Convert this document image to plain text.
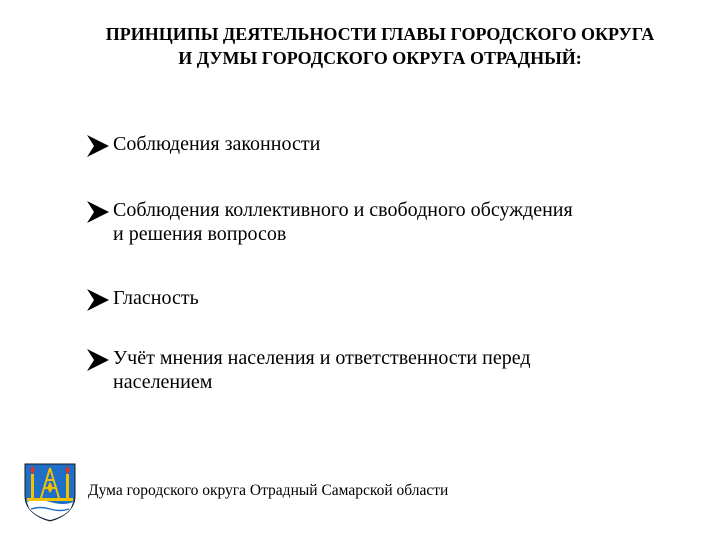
ПРИНЦИПЫ ДЕЯТЕЛЬНОСТИ ГЛАВЫ ГОРОДСКОГО ОКРУГА
И ДУМЫ ГОРОДСКОГО ОКРУГА ОТРАДНЫЙ:
Соблюдения законности
Соблюдения коллективного и свободного обсуждения
и решения вопросов
Гласность
Учёт мнения населения и ответственности перед
населением
Дума городского округа Отрадный Самарской области
